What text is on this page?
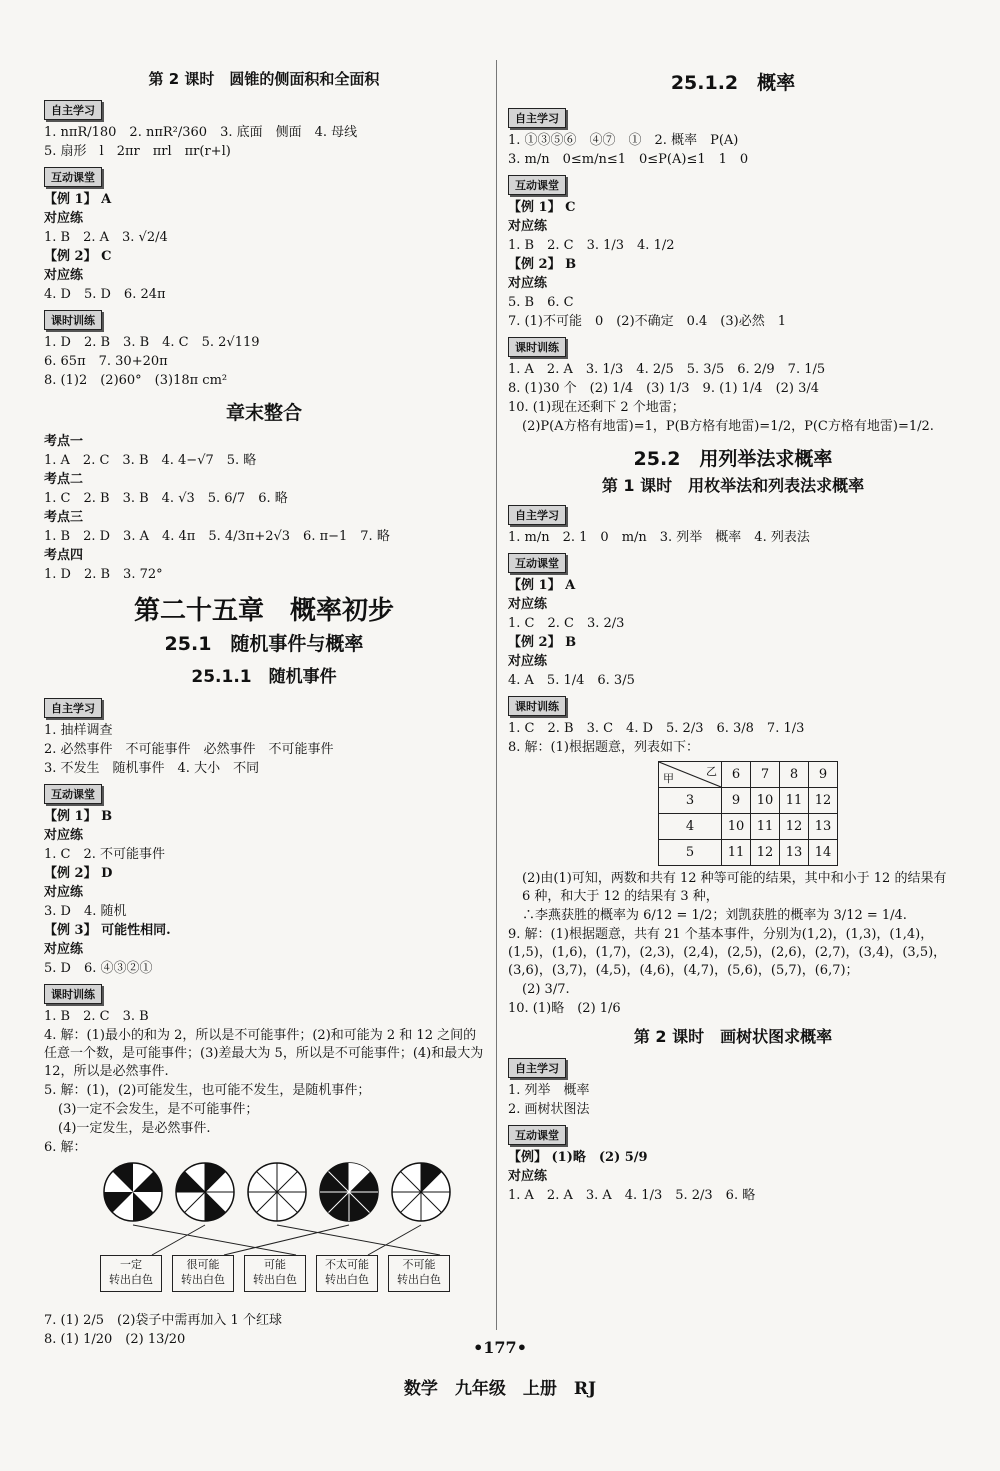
第 2 课时　圆锥的侧面积和全面积
自主学习
1. nπR/180　2. nπR²/360　3. 底面　侧面　4. 母线
5. 扇形　l　2πr　πrl　πr(r+l)
互动课堂
【例 1】 A
对应练
1. B　2. A　3. √2/4
【例 2】 C
对应练
4. D　5. D　6. 24π
课时训练
1. D　2. B　3. B　4. C　5. 2√119
6. 65π　7. 30+20π
8. (1)2　(2)60°　(3)18π cm²
章末整合
考点一
1. A　2. C　3. B　4. 4−√7　5. 略
考点二
1. C　2. B　3. B　4. √3　5. 6/7　6. 略
考点三
1. B　2. D　3. A　4. 4π　5. 4/3π+2√3　6. π−1　7. 略
考点四
1. D　2. B　3. 72°
第二十五章　概率初步
25.1　随机事件与概率
25.1.1　随机事件
自主学习
1. 抽样调查
2. 必然事件　不可能事件　必然事件　不可能事件
3. 不发生　随机事件　4. 大小　不同
互动课堂
【例 1】 B
对应练
1. C　2. 不可能事件
【例 2】 D
对应练
3. D　4. 随机
【例 3】 可能性相同.
对应练
5. D　6. ④③②①
课时训练
1. B　2. C　3. B
4. 解：(1)最小的和为 2，所以是不可能事件；(2)和可能为 2 和 12 之间的任意一个数，是可能事件；(3)差最大为 5，所以是不可能事件；(4)和最大为 12，所以是必然事件.
5. 解：(1)，(2)可能发生，也可能不发生，是随机事件；
(3)一定不会发生，是不可能事件；
(4)一定发生，是必然事件.
6. 解：
一定
转出白色
很可能
转出白色
可能
转出白色
不太可能
转出白色
不可能
转出白色
7. (1) 2/5　(2)袋子中需再加入 1 个红球
8. (1) 1/20　(2) 13/20
25.1.2　概率
自主学习
1. ①③⑤⑥　④⑦　①　2. 概率　P(A)
3. m/n　0≤m/n≤1　0≤P(A)≤1　1　0
互动课堂
【例 1】 C
对应练
1. B　2. C　3. 1/3　4. 1/2
【例 2】 B
对应练
5. B　6. C
7. (1)不可能　0　(2)不确定　0.4　(3)必然　1
课时训练
1. A　2. A　3. 1/3　4. 2/5　5. 3/5　6. 2/9　7. 1/5
8. (1)30 个　(2) 1/4　(3) 1/3　9. (1) 1/4　(2) 3/4
10. (1)现在还剩下 2 个地雷；
(2)P(A方格有地雷)=1，P(B方格有地雷)=1/2，P(C方格有地雷)=1/2.
25.2　用列举法求概率
第 1 课时　用枚举法和列表法求概率
自主学习
1. m/n　2. 1　0　m/n　3. 列举　概率　4. 列表法
互动课堂
【例 1】 A
对应练
1. C　2. C　3. 2/3
【例 2】 B
对应练
4. A　5. 1/4　6. 3/5
课时训练
1. C　2. B　3. C　4. D　5. 2/3　6. 3/8　7. 1/3
8. 解：(1)根据题意，列表如下：
乙
甲	6	7	8	9
3	9	10	11	12
4	10	11	12	13
5	11	12	13	14
(2)由(1)可知，两数和共有 12 种等可能的结果，其中和小于 12 的结果有 6 种，和大于 12 的结果有 3 种，
∴李燕获胜的概率为 6/12 = 1/2；刘凯获胜的概率为 3/12 = 1/4.
9. 解：(1)根据题意，共有 21 个基本事件，分别为(1,2)，(1,3)，(1,4)，(1,5)，(1,6)，(1,7)，(2,3)，(2,4)，(2,5)，(2,6)，(2,7)，(3,4)，(3,5)，(3,6)，(3,7)，(4,5)，(4,6)，(4,7)，(5,6)，(5,7)，(6,7)；
(2) 3/7.
10. (1)略　(2) 1/6
第 2 课时　画树状图求概率
自主学习
1. 列举　概率
2. 画树状图法
互动课堂
【例】 (1)略　(2) 5/9
对应练
1. A　2. A　3. A　4. 1/3　5. 2/3　6. 略
•177•
数学　九年级　上册　RJ
